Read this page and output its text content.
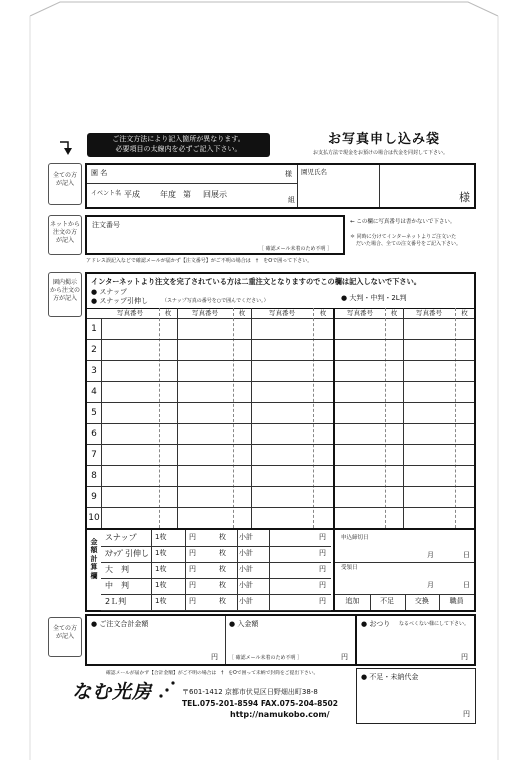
ご注文方法により記入箇所が異なります。
必要項目の太線内を必ずご記入下さい。
お写真申し込み袋
お支払方法で現金をお預けの場合は代金を同封して下さい。
全ての方
が記入
園 名	様
イベント名 平成	年度 第 回展示
組
園児氏名
様
ネットから
注文の方
が記入
注文番号
［ 確認メール未着のため不明 ］
← この欄に写真番号は書かないで下さい。
＊ 同時に分けてインターネットよりご注文いた
だいた場合、全ての注文番号をご記入下さい。
アドレス誤記入などで確認メールが届かず【注文番号】がご不明の場合は　†　をOで囲って下さい。
園内掲示
から注文の
方が記入
インターネットより注文を完了されている方は二重注文となりますのでこの欄は記入しないで下さい。
● スナップ
● スナップ引伸し	（スナップ写真の番号を○で囲んでください。）	● 大判・中判・2L判
写真番号	枚	写真番号	枚	写真番号	枚	写真番号	枚	写真番号	枚
1
2
3
4
5
6
7
8
9
10
金
額
計
算
欄
スナップ	1枚	円	枚 小計	円
ｽﾅｯﾌﾟ引伸し 1枚	円	枚 小計	円
大　判	1枚	円	枚 小計	円
中　判	1枚	円	枚 小計	円
2Ｌ判	1枚	円	枚 小計	円
申込締切日
月	日
受領日
月	日
追加	不足	交換	職員
全ての方
が記入
● ご注文合計金額
円
● 入金額
［ 確認メール未着のため不明 ］	円
● おつり なるべくない様にして下さい。
円
確認メールが届かず【合計金額】がご不明の場合は　†　をOで囲って未納で封筒をご提出下さい。	● 不足・未納代金
円
なむ光房	〒601-1412 京都市伏見区日野畑出町38-8
TEL.075-201-8594 FAX.075-204-8502
http://namukobo.com/
